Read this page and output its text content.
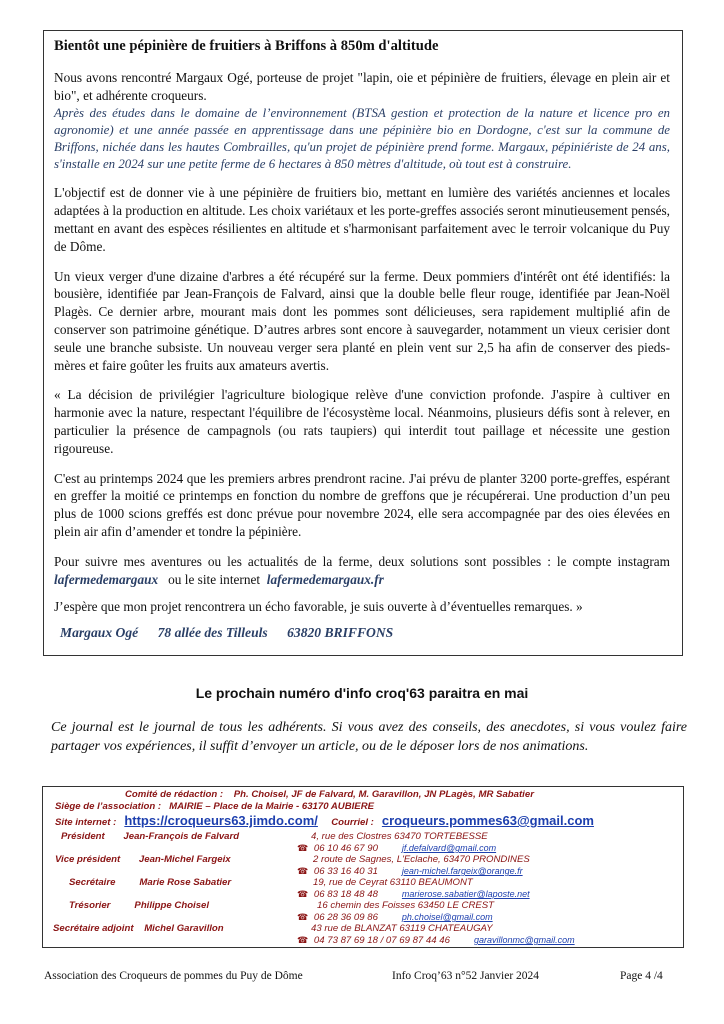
Bientôt une pépinière de fruitiers à Briffons à 850m d'altitude

Nous avons rencontré Margaux Ogé, porteuse de projet "lapin, oie et pépinière de fruitiers, élevage en plein air et bio", et adhérente croqueurs.

Après des études dans le domaine de l’environnement (BTSA gestion et protection de la nature et licence pro en agronomie) et une année passée en apprentissage dans une pépinière bio en Dordogne, c'est sur la commune de Briffons, nichée dans les hautes Combrailles, qu'un projet de pépinière prend forme. Margaux, pépiniériste de 24 ans, s'installe en 2024 sur une petite ferme de 6 hectares à 850 mètres d'altitude, où tout est à construire.

L'objectif est de donner vie à une pépinière de fruitiers bio, mettant en lumière des variétés anciennes et locales adaptées à la production en altitude. Les choix variétaux et les porte-greffes associés seront minutieusement pensés, mettant en avant des espèces résilientes en altitude et s'harmonisant parfaitement avec le terroir volcanique du Puy de Dôme.

Un vieux verger d'une dizaine d'arbres a été récupéré sur la ferme. Deux pommiers d'intérêt ont été identifiés: la bousière, identifiée par Jean-François de Falvard, ainsi que la double belle fleur rouge, identifiée par Jean-Noël Plagès. Ce dernier arbre, mourant mais dont les pommes sont délicieuses, sera rapidement multiplié afin de conserver son patrimoine génétique. D’autres arbres sont encore à sauvegarder, notamment un vieux cerisier dont seule une branche subsiste. Un nouveau verger sera planté en plein vent sur 2,5 ha afin de conserver des pieds-mères et faire goûter les fruits aux amateurs avertis.

« La décision de privilégier l'agriculture biologique relève d'une conviction profonde. J'aspire à cultiver en harmonie avec la nature, respectant l'équilibre de l'écosystème local. Néanmoins, plusieurs défis sont à relever, en particulier la présence de campagnols (ou rats taupiers) qui interdit tout paillage et nécessite une gestion rigoureuse.

C'est au printemps 2024 que les premiers arbres prendront racine. J'ai prévu de planter 3200 porte-greffes, espérant en greffer la moitié ce printemps en fonction du nombre de greffons que je récupérerai. Une production d’un peu plus de 1000 scions greffés est donc prévue pour novembre 2024, elle sera accompagnée par des oies élevées en plein air afin d’amender et tondre la pépinière.

Pour suivre mes aventures ou les actualités de la ferme, deux solutions sont possibles : le compte instagram lafermedemargaux ou le site internet lafermedemargaux.fr

J’espère que mon projet rencontrera un écho favorable, je suis ouverte à d’éventuelles remarques. »

Margaux Ogé 78 allée des Tilleuls 63820 BRIFFONS
Le prochain numéro d'info croq'63 paraitra en mai
Ce journal est le journal de tous les adhérents. Si vous avez des conseils, des anecdotes, si vous voulez faire partager vos expériences, il suffit d’envoyer un article, ou de le déposer lors de nos animations.
Comité de rédaction : Ph. Choisel, JF de Falvard, M. Garavillon, JN PLagès, MR Sabatier
Siège de l’association : MAIRIE – Place de la Mairie - 63170 AUBIERE
Site internet : https://croqueurs63.jimdo.com/ Courriel : croqueurs.pommes63@gmail.com
Président Jean-François de Falvard	4, rue des Clostres 63470 TORTEBESSE
☎ 06 10 46 67 90	jf.defalvard@gmail.com
Vice président Jean-Michel Fargeix	2 route de Sagnes, L'Eclache, 63470 PRONDINES
☎ 06 33 16 40 31	jean-michel.fargeix@orange.fr
Secrétaire	Marie Rose Sabatier	19, rue de Ceyrat 63110 BEAUMONT
☎ 06 83 18 48 48	marierose.sabatier@laposte.net
Trésorier	Philippe Choisel	16 chemin des Foisses 63450 LE CREST
☎ 06 28 36 09 86	ph.choisel@gmail.com
Secrétaire adjoint Michel Garavillon	43 rue de BLANZAT 63119 CHATEAUGAY
☎ 04 73 87 69 18 / 07 69 87 44 46	garavillonmc@gmail.com
Association des Croqueurs de pommes du Puy de Dôme	Info Croq’63 n°52 Janvier 2024	Page 4 /4
